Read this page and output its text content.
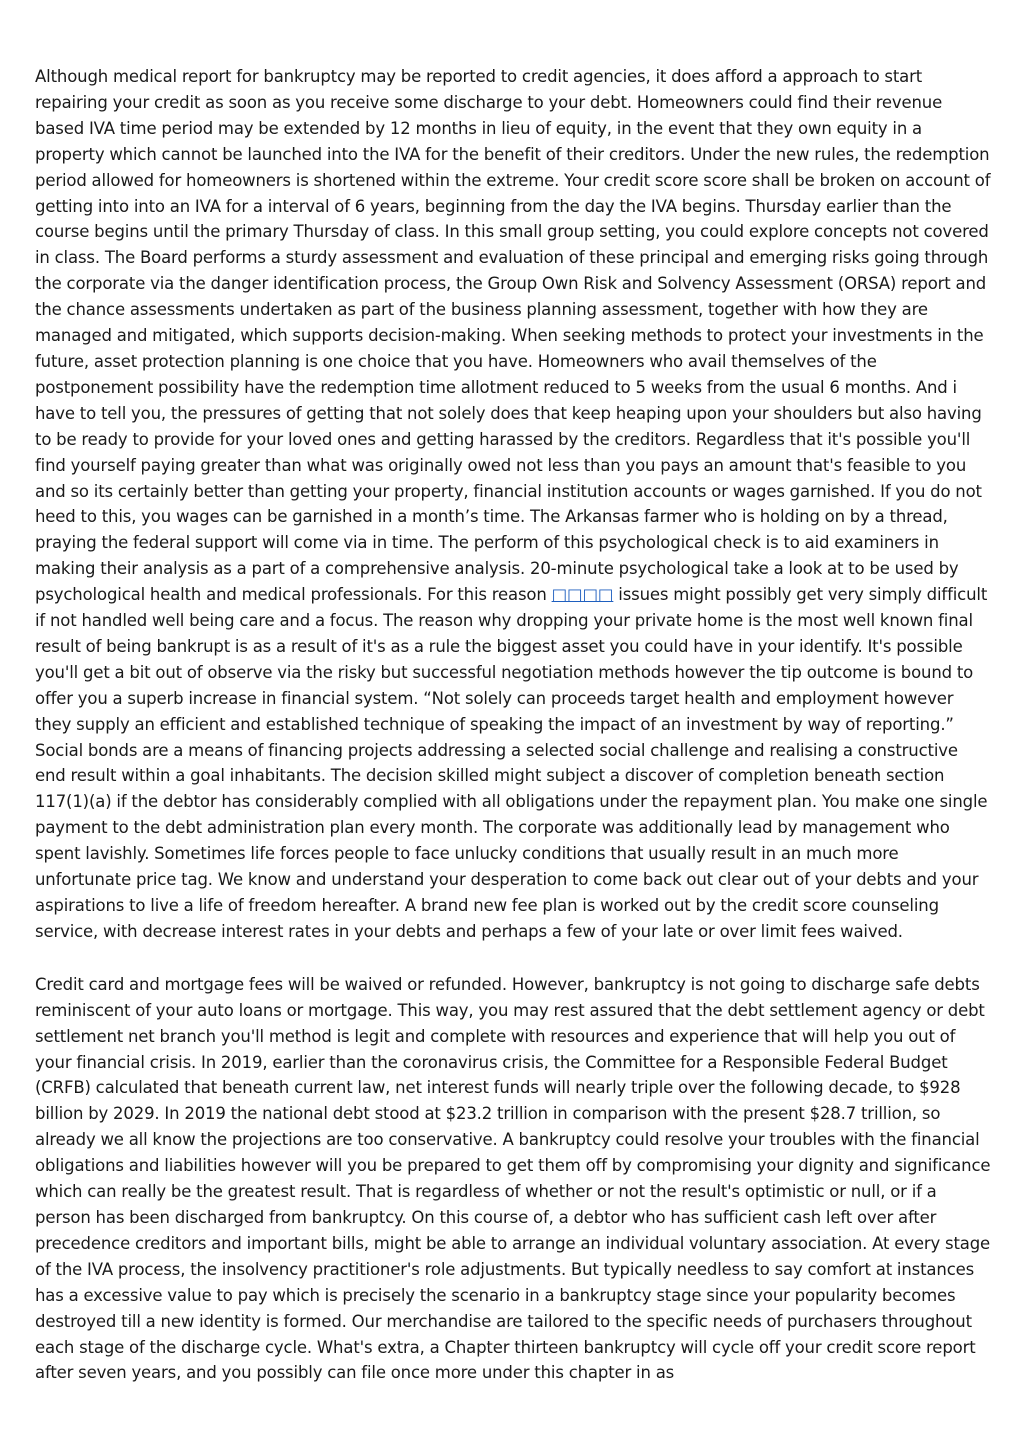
Although medical report for bankruptcy may be reported to credit agencies, it does afford a approach to start repairing your credit as soon as you receive some discharge to your debt. Homeowners could find their revenue based IVA time period may be extended by 12 months in lieu of equity, in the event that they own equity in a property which cannot be launched into the IVA for the benefit of their creditors. Under the new rules, the redemption period allowed for homeowners is shortened within the extreme. Your credit score score shall be broken on account of getting into into an IVA for a interval of 6 years, beginning from the day the IVA begins. Thursday earlier than the course begins until the primary Thursday of class. In this small group setting, you could explore concepts not covered in class. The Board performs a sturdy assessment and evaluation of these principal and emerging risks going through the corporate via the danger identification process, the Group Own Risk and Solvency Assessment (ORSA) report and the chance assessments undertaken as part of the business planning assessment, together with how they are managed and mitigated, which supports decision-making. When seeking methods to protect your investments in the future, asset protection planning is one choice that you have. Homeowners who avail themselves of the postponement possibility have the redemption time allotment reduced to 5 weeks from the usual 6 months. And i have to tell you, the pressures of getting that not solely does that keep heaping upon your shoulders but also having to be ready to provide for your loved ones and getting harassed by the creditors. Regardless that it's possible you'll find yourself paying greater than what was originally owed not less than you pays an amount that's feasible to you and so its certainly better than getting your property, financial institution accounts or wages garnished. If you do not heed to this, you wages can be garnished in a month’s time. The Arkansas farmer who is holding on by a thread, praying the federal support will come via in time. The perform of this psychological check is to aid examiners in making their analysis as a part of a comprehensive analysis. 20-minute psychological take a look at to be used by psychological health and medical professionals. For this reason □□□□ issues might possibly get very simply difficult if not handled well being care and a focus. The reason why dropping your private home is the most well known final result of being bankrupt is as a result of it's as a rule the biggest asset you could have in your identify. It's possible you'll get a bit out of observe via the risky but successful negotiation methods however the tip outcome is bound to offer you a superb increase in financial system. “Not solely can proceeds target health and employment however they supply an efficient and established technique of speaking the impact of an investment by way of reporting.” Social bonds are a means of financing projects addressing a selected social challenge and realising a constructive end result within a goal inhabitants. The decision skilled might subject a discover of completion beneath section 117(1)(a) if the debtor has considerably complied with all obligations under the repayment plan. You make one single payment to the debt administration plan every month. The corporate was additionally lead by management who spent lavishly. Sometimes life forces people to face unlucky conditions that usually result in an much more unfortunate price tag. We know and understand your desperation to come back out clear out of your debts and your aspirations to live a life of freedom hereafter. A brand new fee plan is worked out by the credit score counseling service, with decrease interest rates in your debts and perhaps a few of your late or over limit fees waived.

Credit card and mortgage fees will be waived or refunded. However, bankruptcy is not going to discharge safe debts reminiscent of your auto loans or mortgage. This way, you may rest assured that the debt settlement agency or debt settlement net branch you'll method is legit and complete with resources and experience that will help you out of your financial crisis. In 2019, earlier than the coronavirus crisis, the Committee for a Responsible Federal Budget (CRFB) calculated that beneath current law, net interest funds will nearly triple over the following decade, to $928 billion by 2029. In 2019 the national debt stood at $23.2 trillion in comparison with the present $28.7 trillion, so already we all know the projections are too conservative. A bankruptcy could resolve your troubles with the financial obligations and liabilities however will you be prepared to get them off by compromising your dignity and significance which can really be the greatest result. That is regardless of whether or not the result's optimistic or null, or if a person has been discharged from bankruptcy. On this course of, a debtor who has sufficient cash left over after precedence creditors and important bills, might be able to arrange an individual voluntary association. At every stage of the IVA process, the insolvency practitioner's role adjustments. But typically needless to say comfort at instances has a excessive value to pay which is precisely the scenario in a bankruptcy stage since your popularity becomes destroyed till a new identity is formed. Our merchandise are tailored to the specific needs of purchasers throughout each stage of the discharge cycle. What's extra, a Chapter thirteen bankruptcy will cycle off your credit score report after seven years, and you possibly can file once more under this chapter in as
